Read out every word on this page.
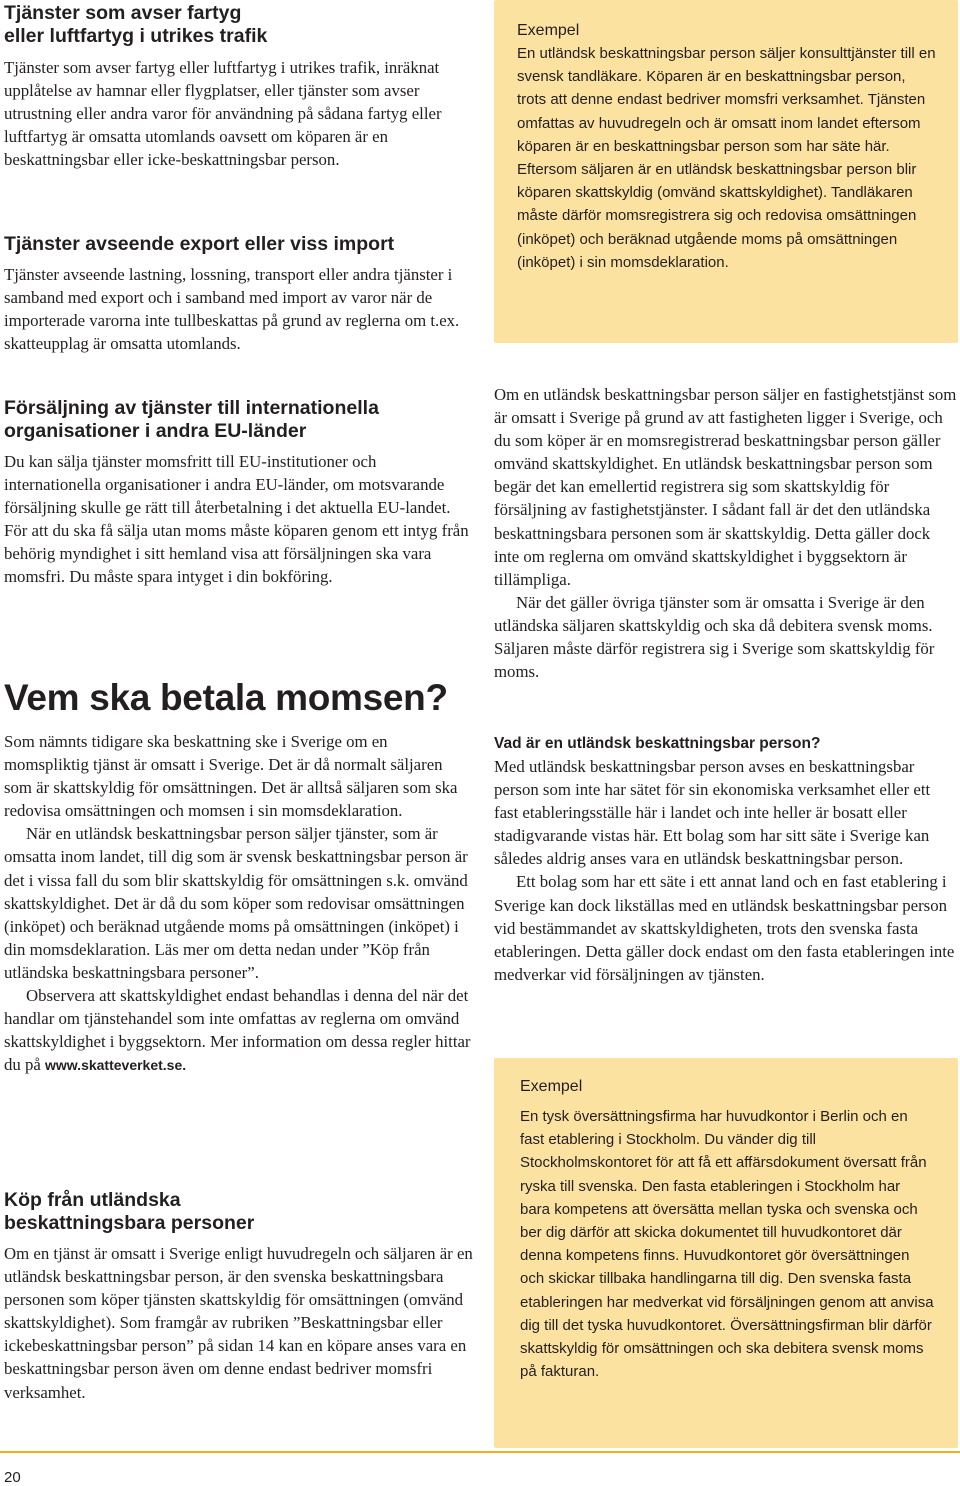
Tjänster som avser fartyg
eller luftfartyg i utrikes trafik

Tjänster som avser fartyg eller luftfartyg i utrikes trafik, inräknat upplåtelse av hamnar eller flygplatser, eller tjänster som avser utrustning eller andra varor för användning på sådana fartyg eller luftfartyg är omsatta utomlands oavsett om köparen är en beskattningsbar eller icke-beskattningsbar person.

Tjänster avseende export eller viss import

Tjänster avseende lastning, lossning, transport eller andra tjänster i samband med export och i samband med import av varor när de importerade varorna inte tullbeskattas på grund av reglerna om t.ex. skatteupplag är omsatta utomlands.

Försäljning av tjänster till internationella
organisationer i andra EU-länder

Du kan sälja tjänster momsfritt till EU-institutioner och internationella organisationer i andra EU-länder, om motsvarande försäljning skulle ge rätt till återbetalning i det aktuella EU-landet. För att du ska få sälja utan moms måste köparen genom ett intyg från behörig myndighet i sitt hemland visa att försäljningen ska vara momsfri. Du måste spara intyget i din bokföring.

Vem ska betala momsen?

Som nämnts tidigare ska beskattning ske i Sverige om en momspliktig tjänst är omsatt i Sverige. Det är då normalt säljaren som är skattskyldig för omsättningen. Det är alltså säljaren som ska redovisa omsättningen och momsen i sin momsdeklaration.

När en utländsk beskattningsbar person säljer tjänster, som är omsatta inom landet, till dig som är svensk beskattningsbar person är det i vissa fall du som blir skattskyldig för omsättningen s.k. omvänd skattskyldighet. Det är då du som köper som redovisar omsättningen (inköpet) och beräknad utgående moms på omsättningen (inköpet) i din momsdeklaration. Läs mer om detta nedan under ”Köp från utländska beskattningsbara personer”.

Observera att skattskyldighet endast behandlas i denna del när det handlar om tjänstehandel som inte omfattas av reglerna om omvänd skattskyldighet i byggsektorn. Mer information om dessa regler hittar du på www.skatteverket.se.

Köp från utländska
beskattningsbara personer

Om en tjänst är omsatt i Sverige enligt huvudregeln och säljaren är en utländsk beskattningsbar person, är den svenska beskattningsbara personen som köper tjänsten skattskyldig för omsättningen (omvänd skattskyldighet). Som framgår av rubriken ”Beskattningsbar eller ickebeskattningsbar person” på sidan 14 kan en köpare anses vara en beskattningsbar person även om denne endast bedriver momsfri verksamhet.

Exempel

En utländsk beskattningsbar person säljer konsulttjänster till en svensk tandläkare. Köparen är en beskattningsbar person, trots att denne endast bedriver momsfri verksamhet. Tjänsten omfattas av huvudregeln och är omsatt inom landet eftersom köparen är en beskattningsbar person som har säte här. Eftersom säljaren är en utländsk beskattningsbar person blir köparen skattskyldig (omvänd skattskyldighet). Tandläkaren måste därför momsregistrera sig och redovisa omsättningen (inköpet) och beräknad utgående moms på omsättningen (inköpet) i sin momsdeklaration.

Om en utländsk beskattningsbar person säljer en fastighetstjänst som är omsatt i Sverige på grund av att fastigheten ligger i Sverige, och du som köper är en momsregistrerad beskattningsbar person gäller omvänd skattskyldighet. En utländsk beskattningsbar person som begär det kan emellertid registrera sig som skattskyldig för försäljning av fastighetstjänster. I sådant fall är det den utländska beskattningsbara personen som är skattskyldig. Detta gäller dock inte om reglerna om omvänd skattskyldighet i byggsektorn är tillämpliga.

När det gäller övriga tjänster som är omsatta i Sverige är den utländska säljaren skattskyldig och ska då debitera svensk moms. Säljaren måste därför registrera sig i Sverige som skattskyldig för moms.

Vad är en utländsk beskattningsbar person?

Med utländsk beskattningsbar person avses en beskattningsbar person som inte har sätet för sin ekonomiska verksamhet eller ett fast etableringsställe här i landet och inte heller är bosatt eller stadigvarande vistas här. Ett bolag som har sitt säte i Sverige kan således aldrig anses vara en utländsk beskattningsbar person.

Ett bolag som har ett säte i ett annat land och en fast etablering i Sverige kan dock likställas med en utländsk beskattningsbar person vid bestämmandet av skattskyldigheten, trots den svenska fasta etableringen. Detta gäller dock endast om den fasta etableringen inte medverkar vid försäljningen av tjänsten.

Exempel

En tysk översättningsfirma har huvudkontor i Berlin och en fast etablering i Stockholm. Du vänder dig till Stockholmskontoret för att få ett affärsdokument översatt från ryska till svenska. Den fasta etableringen i Stockholm har bara kompetens att översätta mellan tyska och svenska och ber dig därför att skicka dokumentet till huvudkontoret där denna kompetens finns. Huvudkontoret gör översättningen och skickar tillbaka handlingarna till dig. Den svenska fasta etableringen har medverkat vid försäljningen genom att anvisa dig till det tyska huvudkontoret. Översättningsfirman blir därför skattskyldig för omsättningen och ska debitera svensk moms på fakturan.

20
